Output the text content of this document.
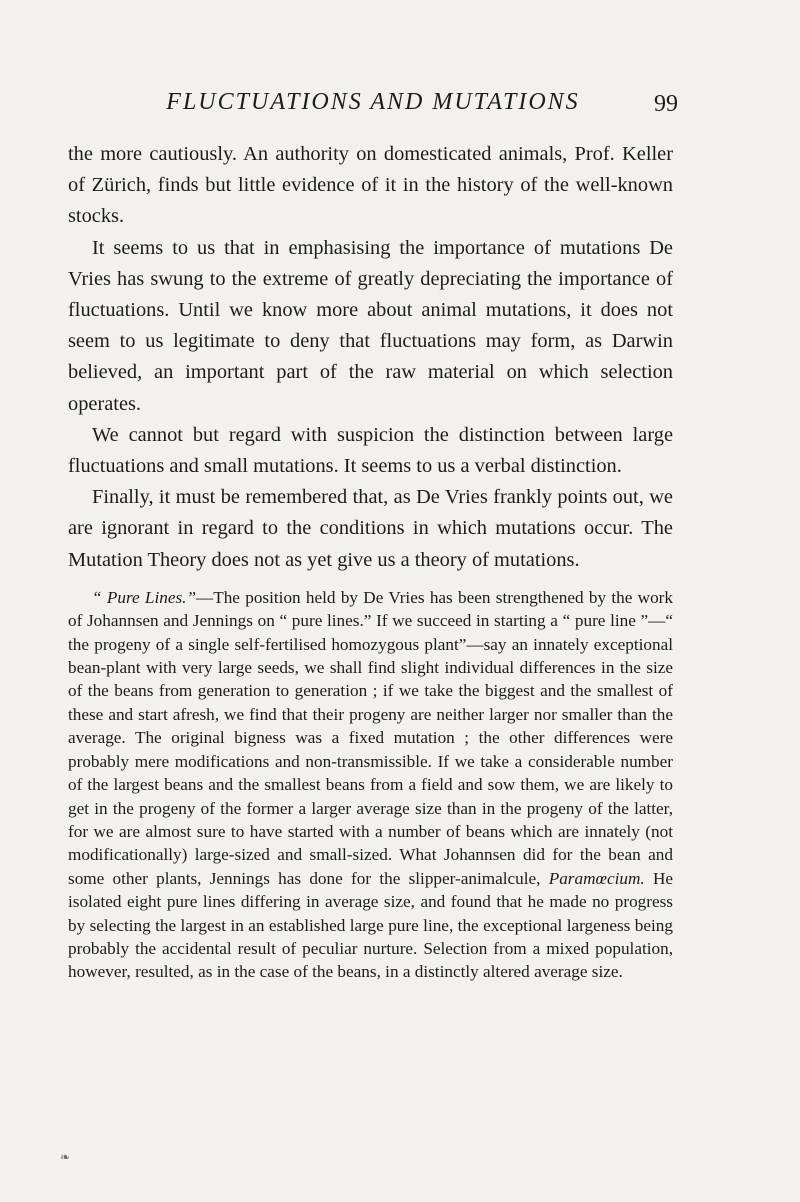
FLUCTUATIONS AND MUTATIONS	99

the more cautiously. An authority on domesticated animals, Prof. Keller of Zürich, finds but little evidence of it in the history of the well-known stocks.

It seems to us that in emphasising the importance of mutations De Vries has swung to the extreme of greatly depreciating the importance of fluctuations. Until we know more about animal mutations, it does not seem to us legitimate to deny that fluctuations may form, as Darwin believed, an important part of the raw material on which selection operates.

We cannot but regard with suspicion the distinction between large fluctuations and small mutations. It seems to us a verbal distinction.

Finally, it must be remembered that, as De Vries frankly points out, we are ignorant in regard to the conditions in which mutations occur. The Mutation Theory does not as yet give us a theory of mutations.

“ Pure Lines.”—The position held by De Vries has been strengthened by the work of Johannsen and Jennings on “ pure lines.” If we succeed in starting a “ pure line ”—“ the progeny of a single self-fertilised homozygous plant”—say an innately exceptional bean-plant with very large seeds, we shall find slight individual differences in the size of the beans from generation to generation ; if we take the biggest and the smallest of these and start afresh, we find that their progeny are neither larger nor smaller than the average. The original bigness was a fixed mutation ; the other differences were probably mere modifications and non-transmissible. If we take a considerable number of the largest beans and the smallest beans from a field and sow them, we are likely to get in the progeny of the former a larger average size than in the progeny of the latter, for we are almost sure to have started with a number of beans which are innately (not modificationally) large-sized and small-sized. What Johannsen did for the bean and some other plants, Jennings has done for the slipper-animalcule, Paramœcium. He isolated eight pure lines differing in average size, and found that he made no progress by selecting the largest in an established large pure line, the exceptional largeness being probably the accidental result of peculiar nurture. Selection from a mixed population, however, resulted, as in the case of the beans, in a distinctly altered average size.

❧
